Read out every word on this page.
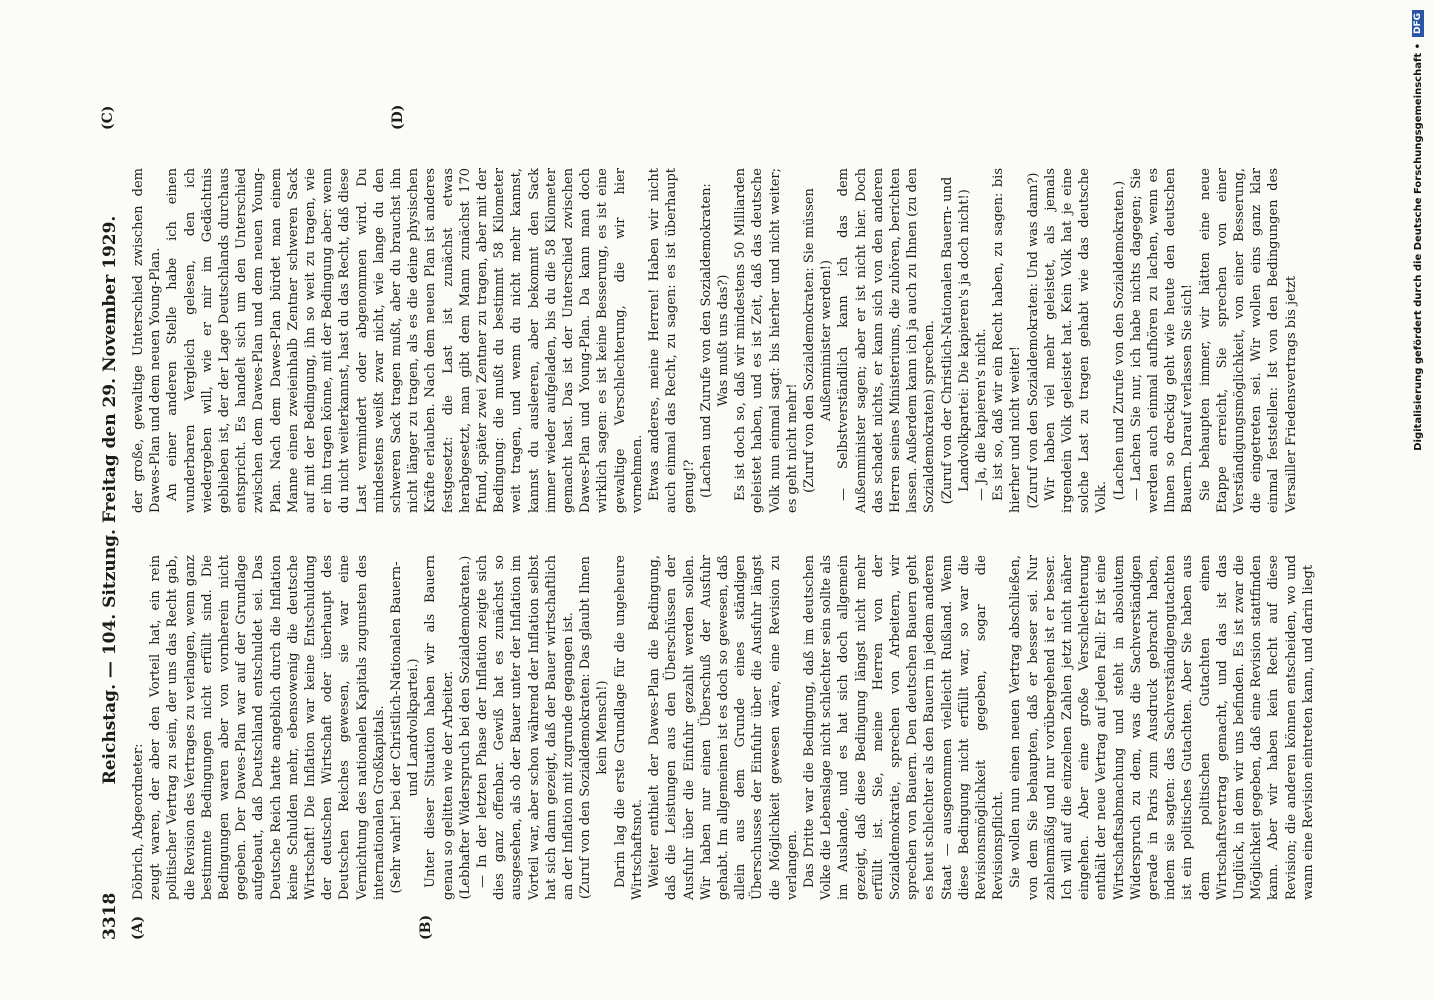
3318
Reichstag. — 104. Sitzung. Freitag den 29. November 1929.
(A)	(B)
(C)	(D)

Döbrich, Abgeordneter: zeugt waren, der aber den Vorteil hat, ein rein politischer Vertrag zu sein, der uns das Recht gab, die Revision des Vertrages zu verlangen, wenn ganz bestimmte Bedingungen nicht erfüllt sind. Die Bedingungen waren aber von vornherein nicht gegeben. Der Dawes-Plan war auf der Grundlage aufgebaut, daß Deutschland entschuldet sei. Das Deutsche Reich hatte angeblich durch die Inflation keine Schulden mehr, ebensowenig die deutsche Wirtschaft! Die Inflation war keine Entschuldung der deutschen Wirtschaft oder überhaupt des Deutschen Reiches gewesen, sie war eine Vernichtung des nationalen Kapitals zugunsten des internationalen Großkapitals. (Sehr wahr! bei der Christlich-Nationalen Bauern- und Landvolkpartei.) Unter dieser Situation haben wir als Bauern genau so gelitten wie der Arbeiter. (Lebhafter Widerspruch bei den Sozialdemokraten.) — In der letzten Phase der Inflation zeigte sich dies ganz offenbar. Gewiß hat es zunächst so ausgesehen, als ob der Bauer unter der Inflation im Vorteil war, aber schon während der Inflation selbst hat sich dann gezeigt, daß der Bauer wirtschaftlich an der Inflation mit zugrunde gegangen ist. (Zuruf von den Sozialdemokraten: Das glaubt Ihnen kein Mensch!) Darin lag die erste Grundlage für die ungeheure Wirtschaftsnot. Weiter enthielt der Dawes-Plan die Bedingung, daß die Leistungen aus den Überschüssen der Ausfuhr über die Einfuhr gezahlt werden sollen. Wir haben nur einen Überschuß der Ausfuhr gehabt. Im allgemeinen ist es doch so gewesen, daß allein aus dem Grunde eines ständigen Überschusses der Einfuhr über die Ausfuhr längst die Möglichkeit gewesen wäre, eine Revision zu verlangen. Das Dritte war die Bedingung, daß im deutschen Volke die Lebenslage nicht schlechter sein sollte als im Auslande, und es hat sich doch allgemein gezeigt, daß diese Bedingung längst nicht mehr erfüllt ist. Sie, meine Herren von der Sozialdemokratie, sprechen von Arbeitern, wir sprechen von Bauern. Den deutschen Bauern geht es heut schlechter als den Bauern in jedem anderen Staat — ausgenommen vielleicht Rußland. Wenn diese Bedingung nicht erfüllt war, so war die Revisionsmöglichkeit gegeben, sogar die Revisionspflicht. Sie wollen nun einen neuen Vertrag abschließen, von dem Sie behaupten, daß er besser sei. Nur zahlenmäßig und nur vorübergehend ist er besser. Ich will auf die einzelnen Zahlen jetzt nicht näher eingehen. Aber eine große Verschlechterung enthält der neue Vertrag auf jeden Fall: Er ist eine Wirtschaftsabmachung und steht in absolutem Widerspruch zu dem, was die Sachverständigen gerade in Paris zum Ausdruck gebracht haben, indem sie sagten: das Sachverständigengutachten ist ein politisches Gutachten. Aber Sie haben aus dem politischen Gutachten einen Wirtschaftsvertrag gemacht, und das ist das Unglück, in dem wir uns befinden. Es ist zwar die Möglichkeit gegeben, daß eine Revision stattfinden kann. Aber wir haben kein Recht auf diese Revision; die anderen können entscheiden, wo und wann eine Revision eintreten kann, und darin liegt

der große, gewaltige Unterschied zwischen dem Dawes-Plan und dem neuen Young-Plan. An einer anderen Stelle habe ich einen wunderbaren Vergleich gelesen, den ich wiedergeben will, wie er mir im Gedächtnis geblieben ist, der der Lage Deutschlands durchaus entspricht. Es handelt sich um den Unterschied zwischen dem Dawes-Plan und dem neuen Young-Plan. Nach dem Dawes-Plan bürdet man einem Manne einen zweieinhalb Zentner schweren Sack auf mit der Bedingung, ihn so weit zu tragen, wie er ihn tragen könne, mit der Bedingung aber: wenn du nicht weiterkannst, hast du das Recht, daß diese Last vermindert oder abgenommen wird. Du mindestens weißt zwar nicht, wie lange du den schweren Sack tragen mußt, aber du brauchst ihn nicht länger zu tragen, als es die deine physischen Kräfte erlauben. Nach dem neuen Plan ist anderes festgesetzt: die Last ist zunächst etwas herabgesetzt, man gibt dem Mann zunächst 170 Pfund, später zwei Zentner zu tragen, aber mit der Bedingung: die mußt du bestimmt 58 Kilometer weit tragen, und wenn du nicht mehr kannst, kannst du ausleeren, aber bekommt den Sack immer wieder aufgeladen, bis du die 58 Kilometer gemacht hast. Das ist der Unterschied zwischen Dawes-Plan und Young-Plan. Da kann man doch wirklich sagen: es ist keine Besserung, es ist eine gewaltige Verschlechterung, die wir hier vornehmen. Etwas anderes, meine Herren! Haben wir nicht auch einmal das Recht, zu sagen: es ist überhaupt genug!? (Lachen und Zurufe von den Sozialdemokraten: Was mußt uns das?) Es ist doch so, daß wir mindestens 50 Milliarden geleistet haben, und es ist Zeit, daß das deutsche Volk nun einmal sagt: bis hierher und nicht weiter; es geht nicht mehr! (Zuruf von den Sozialdemokraten: Sie müssen Außenminister werden!) — Selbstverständlich kann ich das dem Außenminister sagen; aber er ist nicht hier. Doch das schadet nichts, er kann sich von den anderen Herren seines Ministeriums, die zuhören, berichten lassen. Außerdem kann ich ja auch zu Ihnen (zu den Sozialdemokraten) sprechen. (Zuruf von der Christlich-Nationalen Bauern- und Landvolkpartei: Die kapieren's ja doch nicht!) — Ja, die kapieren's nicht. Es ist so, daß wir ein Recht haben, zu sagen: bis hierher und nicht weiter! (Zuruf von den Sozialdemokraten: Und was dann?) Wir haben viel mehr geleistet, als jemals irgendein Volk geleistet hat. Kein Volk hat je eine solche Last zu tragen gehabt wie das deutsche Volk. (Lachen und Zurufe von den Sozialdemokraten.) — Lachen Sie nur, ich habe nichts dagegen; Sie werden auch einmal aufhören zu lachen, wenn es Ihnen so dreckig geht wie heute den deutschen Bauern. Darauf verlassen Sie sich! Sie behaupten immer, wir hätten eine neue Etappe erreicht, Sie sprechen von einer Verständigungsmöglichkeit, von einer Besserung, die eingetreten sei. Wir wollen eins ganz klar einmal feststellen: Ist von den Bedingungen des Versailler Friedensvertrags bis jetzt	Digitalisierung gefördert durch die Deutsche Forschungsgemeinschaft •
DFG
